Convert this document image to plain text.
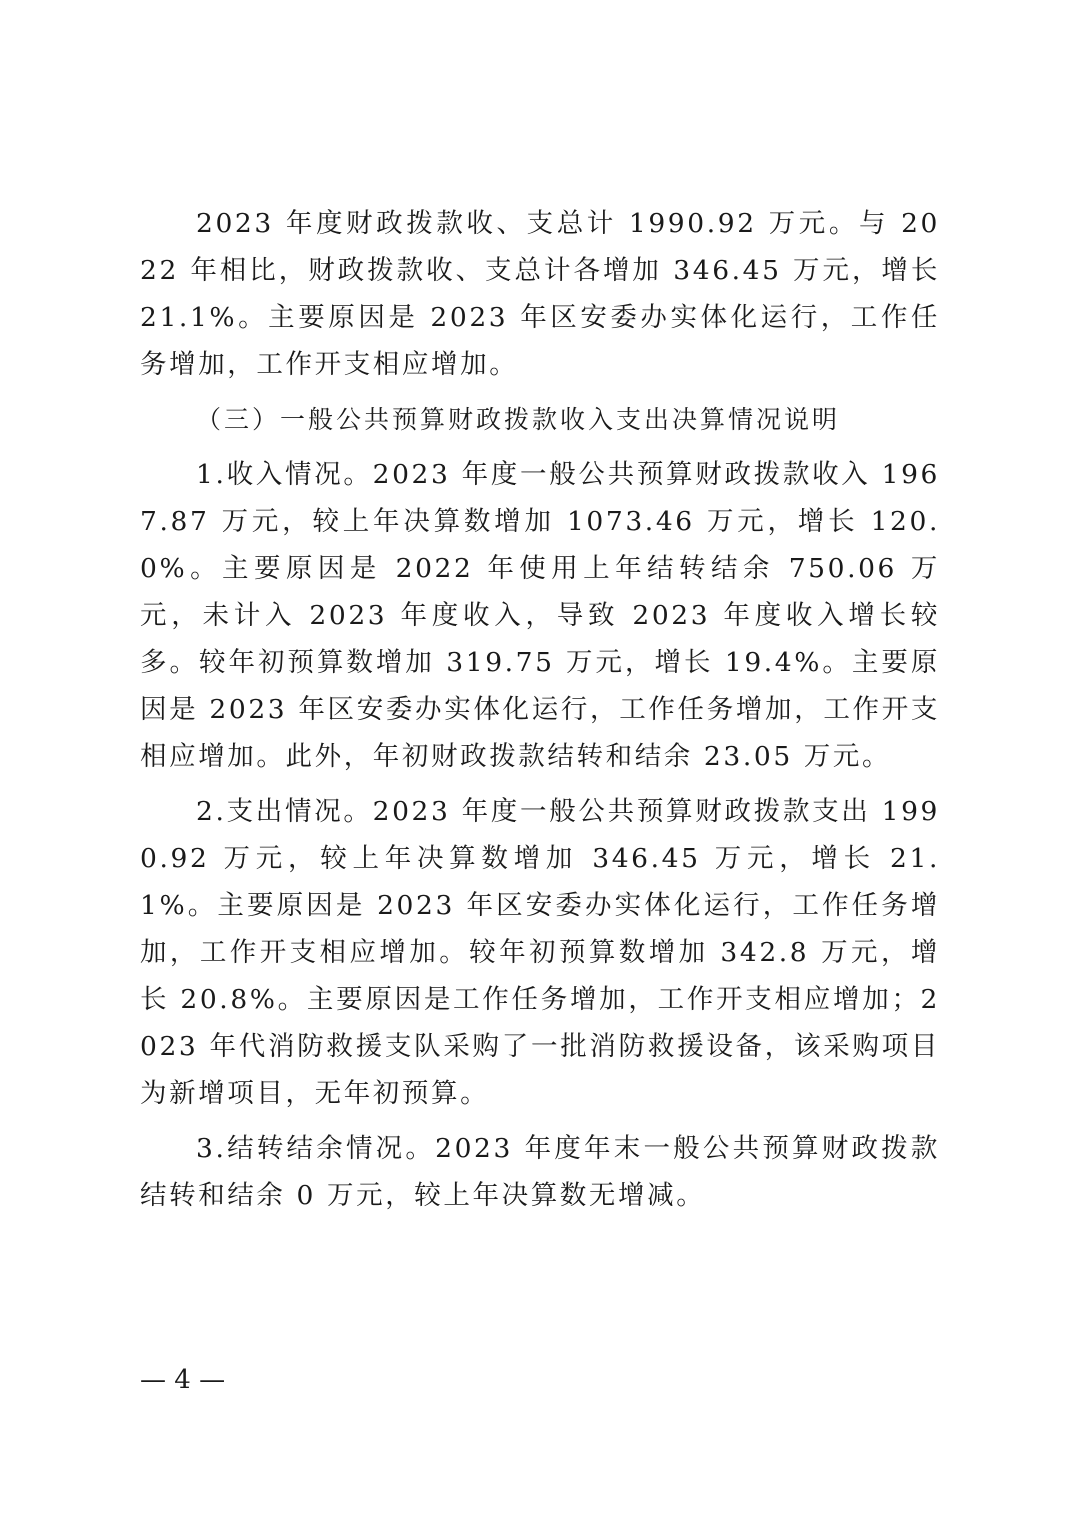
2023 年度财政拨款收、支总计 1990.92 万元。与 2022 年相比，财政拨款收、支总计各增加 346.45 万元，增长 21.1%。主要原因是 2023 年区安委办实体化运行，工作任务增加，工作开支相应增加。

（三）一般公共预算财政拨款收入支出决算情况说明

1.收入情况。2023 年度一般公共预算财政拨款收入 1967.87 万元，较上年决算数增加 1073.46 万元，增长 120.0%。主要原因是 2022 年使用上年结转结余 750.06 万元，未计入 2023 年度收入，导致 2023 年度收入增长较多。较年初预算数增加 319.75 万元，增长 19.4%。主要原因是 2023 年区安委办实体化运行，工作任务增加，工作开支相应增加。此外，年初财政拨款结转和结余 23.05 万元。

2.支出情况。2023 年度一般公共预算财政拨款支出 1990.92 万元，较上年决算数增加 346.45 万元，增长 21.1%。主要原因是 2023 年区安委办实体化运行，工作任务增加，工作开支相应增加。较年初预算数增加 342.8 万元，增长 20.8%。主要原因是工作任务增加，工作开支相应增加；2023 年代消防救援支队采购了一批消防救援设备，该采购项目为新增项目，无年初预算。

3.结转结余情况。2023 年度年末一般公共预算财政拨款结转和结余 0 万元，较上年决算数无增减。

— 4 —
